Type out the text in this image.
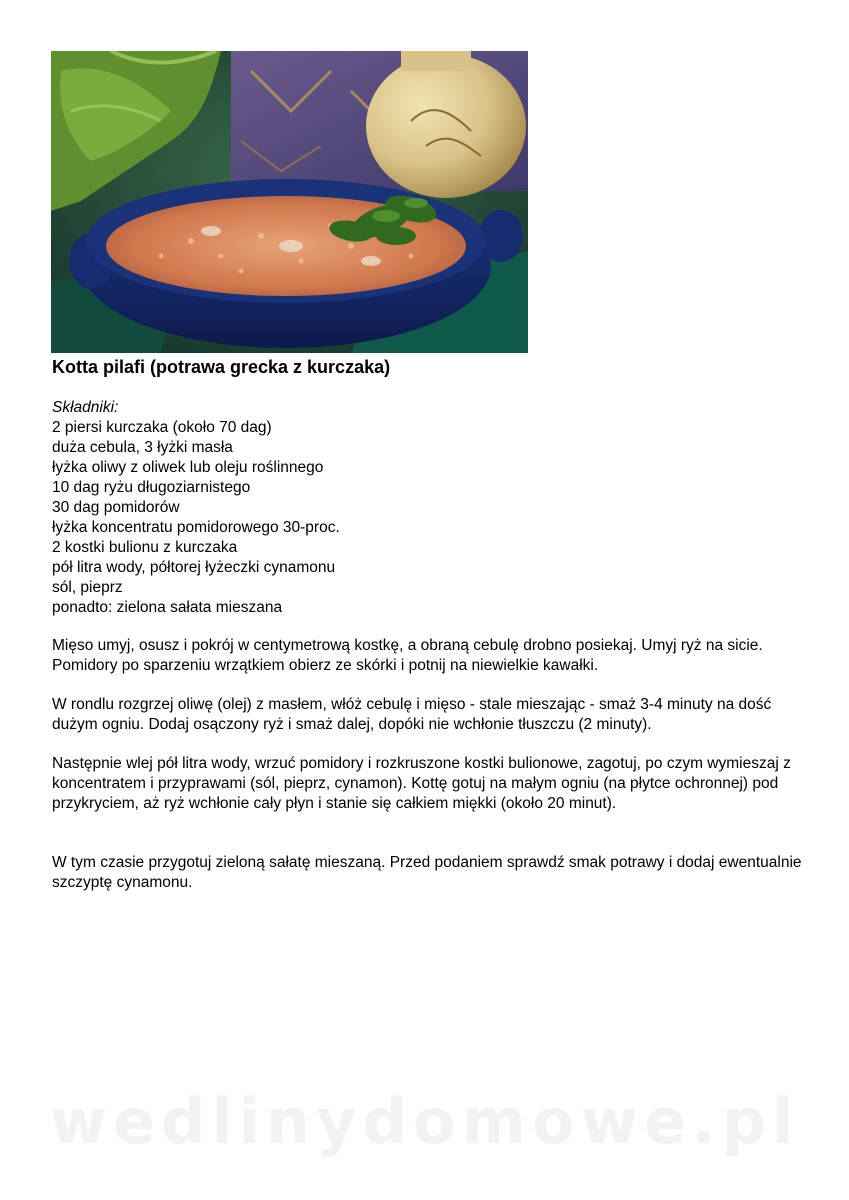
Kotta pilafi (potrawa grecka z kurczaka)
Składniki:
2 piersi kurczaka (około 70 dag)
duża cebula, 3 łyżki masła
łyżka oliwy z oliwek lub oleju roślinnego
10 dag ryżu długoziarnistego
30 dag pomidorów
łyżka koncentratu pomidorowego 30-proc.
2 kostki bulionu z kurczaka
pół litra wody, półtorej łyżeczki cynamonu
sól, pieprz
ponadto: zielona sałata mieszana

Mięso umyj, osusz i pokrój w centymetrową kostkę, a obraną cebulę drobno posiekaj. Umyj ryż na sicie. Pomidory po sparzeniu wrzątkiem obierz ze skórki i potnij na niewielkie kawałki.

W rondlu rozgrzej oliwę (olej) z masłem, włóż cebulę i mięso - stale mieszając - smaż 3-4 minuty na dość dużym ogniu. Dodaj osączony ryż i smaż dalej, dopóki nie wchłonie tłuszczu (2 minuty).

Następnie wlej pół litra wody, wrzuć pomidory i rozkruszone kostki bulionowe, zagotuj, po czym wymieszaj z koncentratem i przyprawami (sól, pieprz, cynamon). Kottę gotuj na małym ogniu (na płytce ochronnej) pod przykryciem, aż ryż wchłonie cały płyn i stanie się całkiem miękki (około 20 minut).

W tym czasie przygotuj zieloną sałatę mieszaną. Przed podaniem sprawdź smak potrawy i dodaj ewentualnie szczyptę cynamonu.

wedlinydomowe.pl
